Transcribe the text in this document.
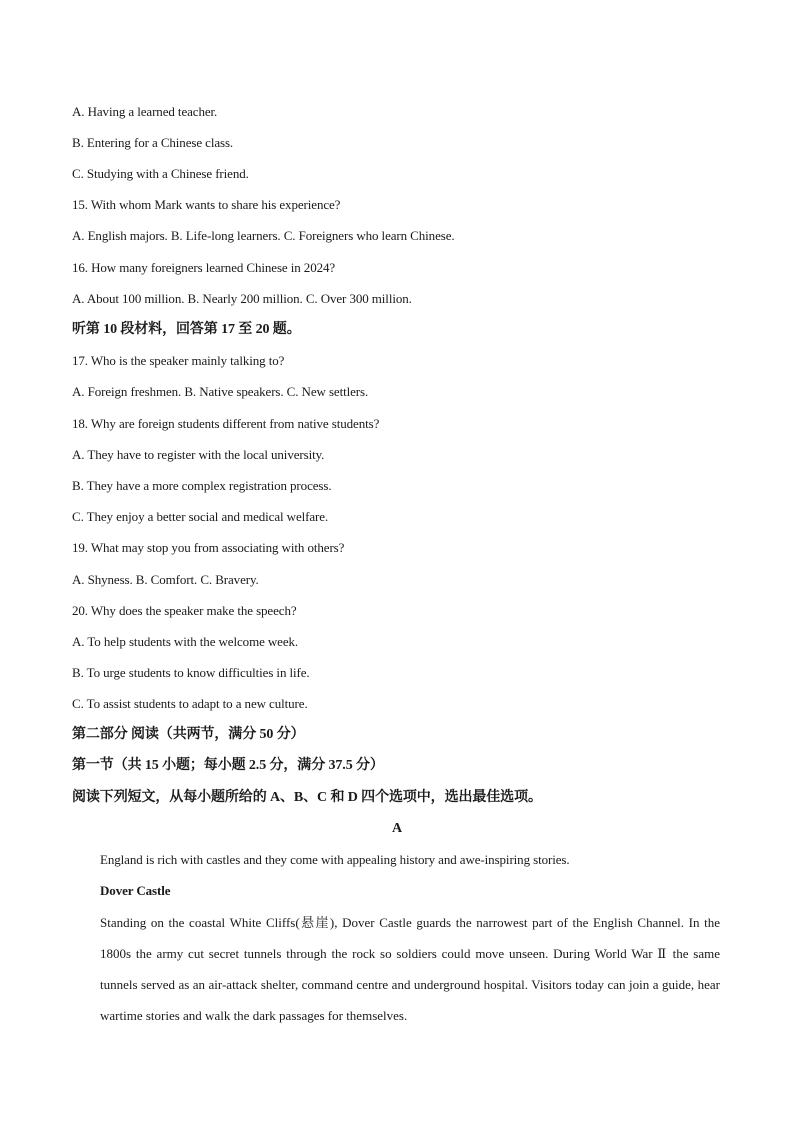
A. Having a learned teacher.
B. Entering for a Chinese class.
C. Studying with a Chinese friend.
15. With whom Mark wants to share his experience?
A. English majors. B. Life-long learners. C. Foreigners who learn Chinese.
16. How many foreigners learned Chinese in 2024?
A. About 100 million. B. Nearly 200 million. C. Over 300 million.
听第 10 段材料，回答第 17 至 20 题。
17. Who is the speaker mainly talking to?
A. Foreign freshmen. B. Native speakers. C. New settlers.
18. Why are foreign students different from native students?
A. They have to register with the local university.
B. They have a more complex registration process.
C. They enjoy a better social and medical welfare.
19. What may stop you from associating with others?
A. Shyness. B. Comfort. C. Bravery.
20. Why does the speaker make the speech?
A. To help students with the welcome week.
B. To urge students to know difficulties in life.
C. To assist students to adapt to a new culture.
第二部分 阅读（共两节，满分 50 分）
第一节（共 15 小题；每小题 2.5 分，满分 37.5 分）
阅读下列短文，从每小题所给的 A、B、C 和 D 四个选项中，选出最佳选项。
A
England is rich with castles and they come with appealing history and awe-inspiring stories.
Dover Castle
Standing on the coastal White Cliffs(悬崖), Dover Castle guards the narrowest part of the English Channel. In the 1800s the army cut secret tunnels through the rock so soldiers could move unseen. During World War Ⅱ the same tunnels served as an air-attack shelter, command centre and underground hospital. Visitors today can join a guide, hear wartime stories and walk the dark passages for themselves.
